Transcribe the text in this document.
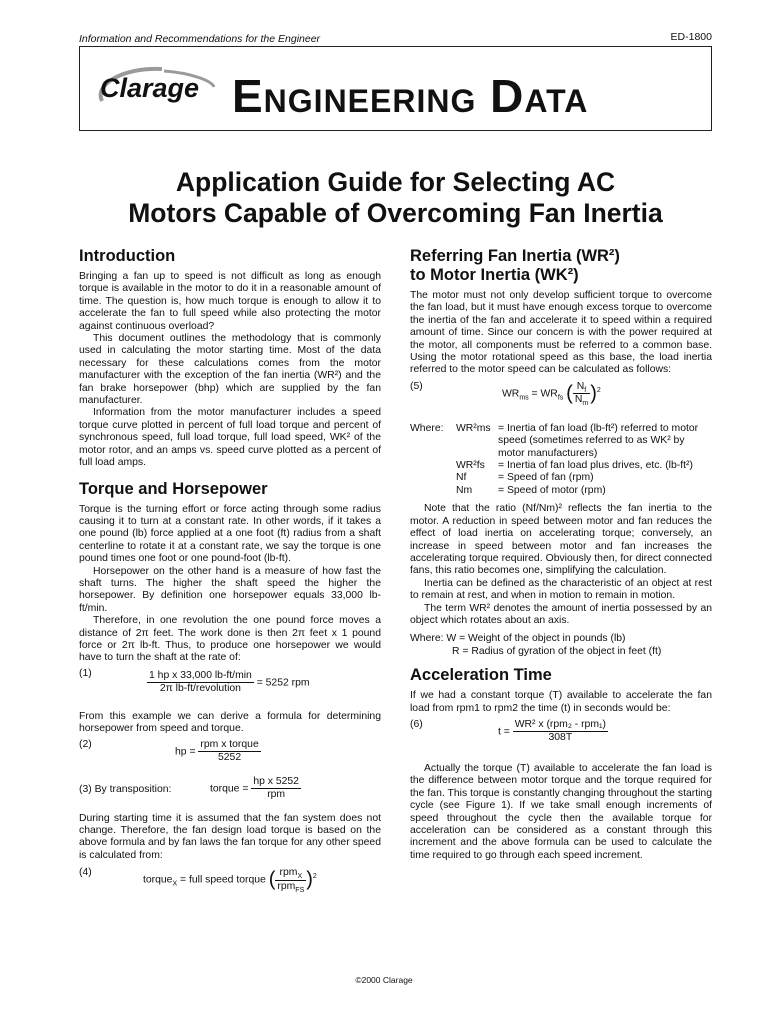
Information and Recommendations for the Engineer	ED-1800
Clarage Engineering Data
Application Guide for Selecting AC
Motors Capable of Overcoming Fan Inertia
Introduction

Bringing a fan up to speed is not difficult as long as enough torque is available in the motor to do it in a reasonable amount of time. The question is, how much torque is enough to allow it to accelerate the fan to full speed while also protecting the motor against continuous overload?

This document outlines the methodology that is commonly used in calculating the motor starting time. Most of the data necessary for these calculations comes from the motor manufacturer with the exception of the fan inertia (WR²) and the fan brake horsepower (bhp) which are supplied by the fan manufacturer.

Information from the motor manufacturer includes a speed torque curve plotted in percent of full load torque and percent of synchronous speed, full load torque, full load speed, WK² of the motor rotor, and an amps vs. speed curve plotted as a percent of full load amps.

Torque and Horsepower

Torque is the turning effort or force acting through some radius causing it to turn at a constant rate. In other words, if it takes a one pound (lb) force applied at a one foot (ft) radius from a shaft centerline to rotate it at a constant rate, we say the torque is one pound times one foot or one pound-foot (lb-ft).

Horsepower on the other hand is a measure of how fast the shaft turns. The higher the shaft speed the higher the horsepower. By definition one horsepower equals 33,000 lb-ft/min.

Therefore, in one revolution the one pound force moves a distance of 2π feet. The work done is then 2π feet x 1 pound force or 2π lb-ft. Thus, to produce one horsepower we would have to turn the shaft at the rate of:

(1)	$\frac{\text{1 hp x 33,000 lb-ft/min}}{\text{2π lb-ft/revolution}} = 5252$ rpm

From this example we can derive a formula for determining horsepower from speed and torque.

(2)
hp = $\frac{\text{rpm x torque}}{5252}$
(3) By transposition:	torque = $\frac{\text{hp x 5252}}{\text{rpm}}$

During starting time it is assumed that the fan system does not change. Therefore, the fan design load torque is based on the above formula and by fan laws the fan torque for any other speed is calculated from:

(4)
torque$_X$ = full speed torque ( $\frac{rpm_X}{rpm_{FS}} )^2$
Referring Fan Inertia (WR²)
to Motor Inertia (WK²)

The motor must not only develop sufficient torque to overcome the fan load, but it must have enough excess torque to overcome the inertia of the fan and accelerate it to speed within a required amount of time. Since our concern is with the power required at the motor, all components must be referred to a common base. Using the motor rotational speed as this base, the load inertia referred to the motor speed can be calculated as follows:

(5)
$WR_{ms} = WR_{fs}$ ( $\frac{N_f}{N_m} )^2$
Where:	WR²ms = Inertia of fan load (lb-ft²) referred to motor speed (sometimes referred to as WK² by motor manufacturers)
WR²fs	= Inertia of fan load plus drives, etc. (lb-ft²)
Nf	= Speed of fan (rpm)
Nm	= Speed of motor (rpm)

Note that the ratio (Nf/Nm)² reflects the fan inertia to the motor. A reduction in speed between motor and fan reduces the effect of load inertia on accelerating torque; conversely, an increase in speed between motor and fan increases the accelerating torque required. Obviously then, for direct connected fans, this ratio becomes one, simplifying the calculation.

Inertia can be defined as the characteristic of an object at rest to remain at rest, and when in motion to remain in motion.

The term WR² denotes the amount of inertia possessed by an object which rotates about an axis.

Where: W = Weight of the object in pounds (lb)
R = Radius of gyration of the object in feet (ft)
Acceleration Time

If we had a constant torque (T) available to accelerate the fan load from rpm1 to rpm2 the time (t) in seconds would be:

(6)
$t = \frac{\text{WR² x (rpm₂ - rpm₁)}}{308T}$

Actually the torque (T) available to accelerate the fan load is the difference between motor torque and the torque required for the fan. This torque is constantly changing throughout the starting cycle (see Figure 1). If we take small enough increments of speed throughout the cycle then the available torque for acceleration can be considered as a constant through this increment and the above formula can be used to calculate the time required to go through each speed increment.

©2000 Clarage
